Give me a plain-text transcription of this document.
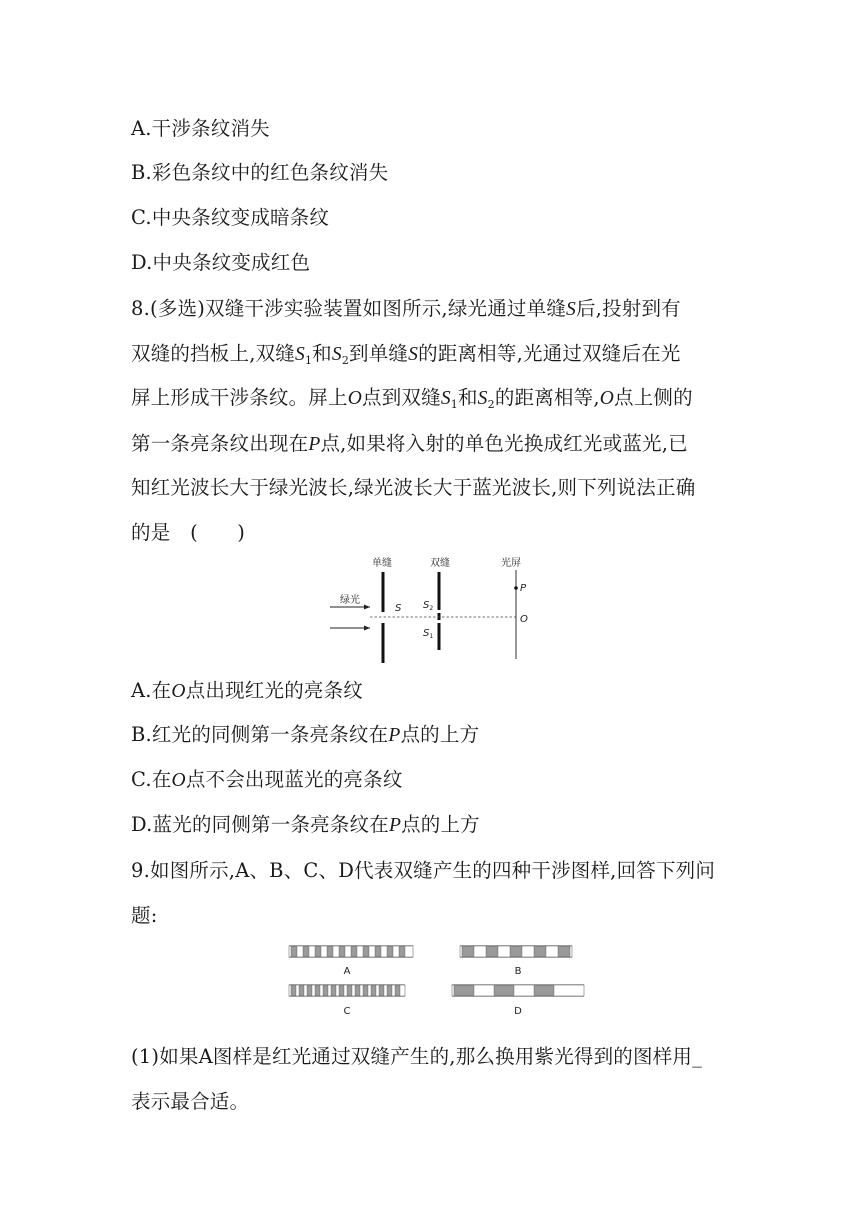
A.干涉条纹消失
B.彩色条纹中的红色条纹消失
C.中央条纹变成暗条纹
D.中央条纹变成红色
8.(多选)双缝干涉实验装置如图所示,绿光通过单缝S后,投射到有
双缝的挡板上,双缝$S_1$和$S_2$到单缝S的距离相等,光通过双缝后在光
屏上形成干涉条纹。屏上O点到双缝$S_1$和$S_2$的距离相等,O点上侧的
第一条亮条纹出现在P点,如果将入射的单色光换成红光或蓝光,已
知红光波长大于绿光波长,绿光波长大于蓝光波长,则下列说法正确
的是　(　　)
单缝	双缝	光屏
绿光
S $S_2$
$S_1$
P
O
A.在O点出现红光的亮条纹
B.红光的同侧第一条亮条纹在P点的上方
C.在O点不会出现蓝光的亮条纹
D.蓝光的同侧第一条亮条纹在P点的上方
9.如图所示,A、B、C、D代表双缝产生的四种干涉图样,回答下列问
题:
A	B
C	D
(1)如果A图样是红光通过双缝产生的,那么换用紫光得到的图样用_
表示最合适。
